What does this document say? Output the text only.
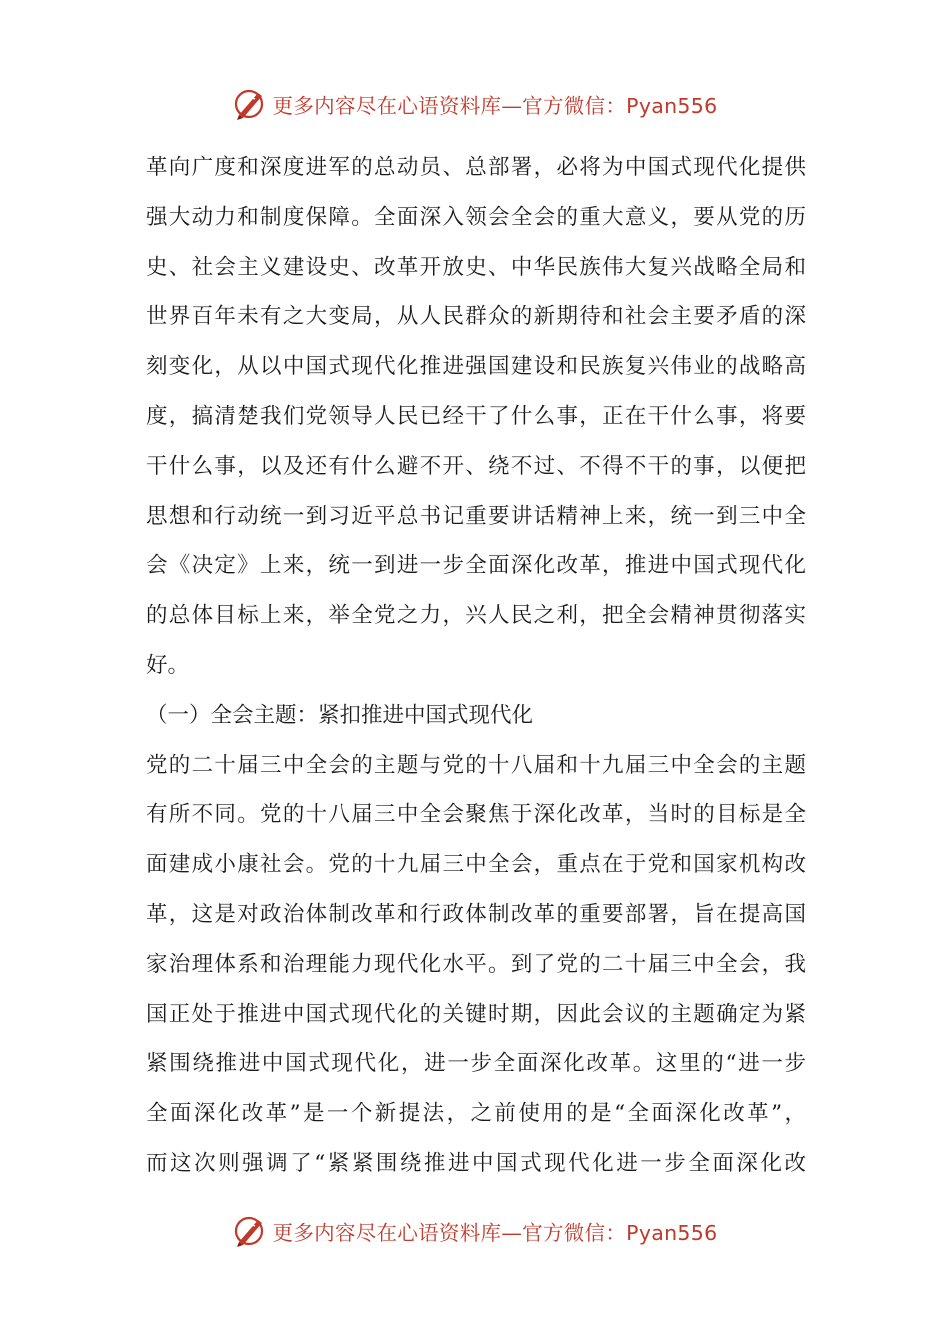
更多内容尽在心语资料库—官方微信：Pyan556
革向广度和深度进军的总动员、总部署，必将为中国式现代化提供
强大动力和制度保障。全面深入领会全会的重大意义，要从党的历
史、社会主义建设史、改革开放史、中华民族伟大复兴战略全局和
世界百年未有之大变局，从人民群众的新期待和社会主要矛盾的深
刻变化，从以中国式现代化推进强国建设和民族复兴伟业的战略高
度，搞清楚我们党领导人民已经干了什么事，正在干什么事，将要
干什么事，以及还有什么避不开、绕不过、不得不干的事，以便把
思想和行动统一到习近平总书记重要讲话精神上来，统一到三中全
会《决定》上来，统一到进一步全面深化改革，推进中国式现代化
的总体目标上来，举全党之力，兴人民之利，把全会精神贯彻落实
好。
（一）全会主题：紧扣推进中国式现代化
党的二十届三中全会的主题与党的十八届和十九届三中全会的主题
有所不同。党的十八届三中全会聚焦于深化改革，当时的目标是全
面建成小康社会。党的十九届三中全会，重点在于党和国家机构改
革，这是对政治体制改革和行政体制改革的重要部署，旨在提高国
家治理体系和治理能力现代化水平。到了党的二十届三中全会，我
国正处于推进中国式现代化的关键时期，因此会议的主题确定为紧
紧围绕推进中国式现代化，进一步全面深化改革。这里的“进一步
全面深化改革”是一个新提法，之前使用的是“全面深化改革”，
而这次则强调了“紧紧围绕推进中国式现代化进一步全面深化改
更多内容尽在心语资料库—官方微信：Pyan556
